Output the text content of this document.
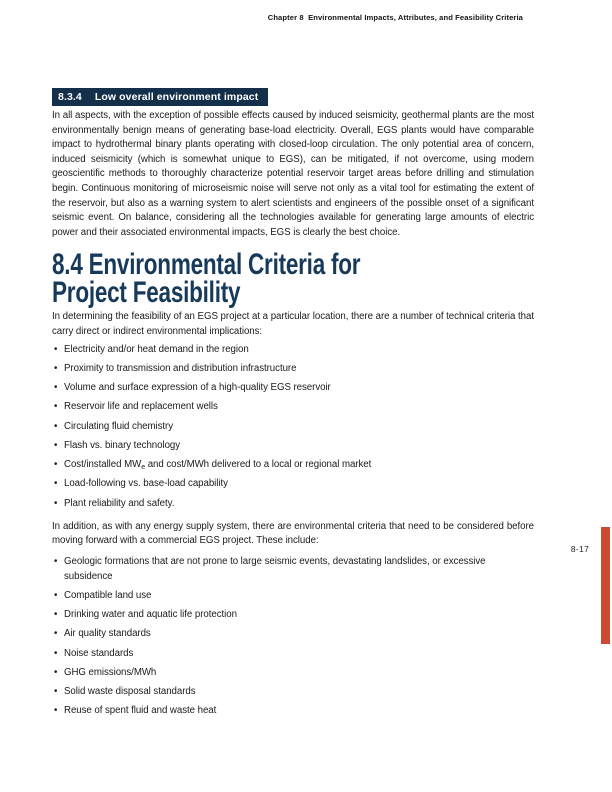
Chapter 8  Environmental Impacts, Attributes, and Feasibility Criteria
8.3.4 Low overall environment impact

In all aspects, with the exception of possible effects caused by induced seismicity, geothermal plants are the most environmentally benign means of generating base-load electricity. Overall, EGS plants would have comparable impact to hydrothermal binary plants operating with closed-loop circulation. The only potential area of concern, induced seismicity (which is somewhat unique to EGS), can be mitigated, if not overcome, using modern geoscientific methods to thoroughly characterize potential reservoir target areas before drilling and stimulation begin. Continuous monitoring of microseismic noise will serve not only as a vital tool for estimating the extent of the reservoir, but also as a warning system to alert scientists and engineers of the possible onset of a significant seismic event. On balance, considering all the technologies available for generating large amounts of electric power and their associated environmental impacts, EGS is clearly the best choice.

8.4 Environmental Criteria for
Project Feasibility

In determining the feasibility of an EGS project at a particular location, there are a number of technical criteria that carry direct or indirect environmental implications:

• Electricity and/or heat demand in the region
• Proximity to transmission and distribution infrastructure
• Volume and surface expression of a high-quality EGS reservoir
• Reservoir life and replacement wells
• Circulating fluid chemistry
• Flash vs. binary technology
• Cost/installed $MW_e$ and cost/MWh delivered to a local or regional market
• Load-following vs. base-load capability
• Plant reliability and safety.

In addition, as with any energy supply system, there are environmental criteria that need to be considered before moving forward with a commercial EGS project. These include:

• Geologic formations that are not prone to large seismic events, devastating landslides, or excessive subsidence
• Compatible land use
• Drinking water and aquatic life protection
• Air quality standards
• Noise standards
• GHG emissions/MWh
• Solid waste disposal standards
• Reuse of spent fluid and waste heat
8-17
